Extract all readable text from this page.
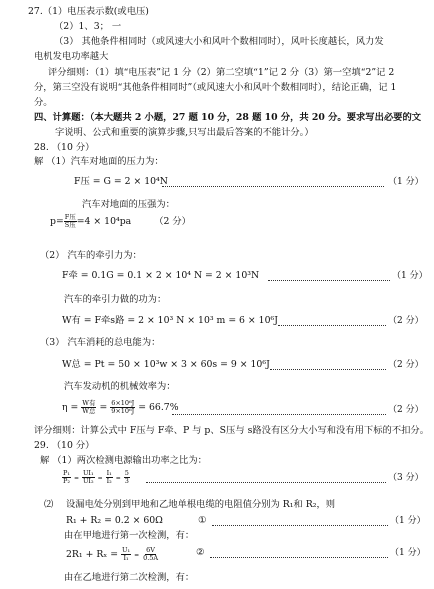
27.（1）电压表示数(或电压)
（2）1、3； 一
（3） 其他条件相同时（或风速大小和风叶个数相同时），风叶长度越长，风力发
电机发电功率越大
评分细则：（1）填“电压表”记 1 分（2）第二空填“1”记 2 分（3）第一空填“2”记 2
分，第三空没有说明“其他条件相同时”（或风速大小和风叶个数相同时），结论正确，记 1
分。
四、计算题：（本大题共 2 小题，27 题 10 分，28 题 10 分，共 20 分。要求写出必要的文
字说明、公式和重要的演算步骤,只写出最后答案的不能计分。）
28. （10 分）
解 （1）汽车对地面的压力为：
F压 = G = 2 × 10⁴N	（1 分）
汽车对地面的压强为：
$p= \frac{\text{F压}}{\text{S压}} =4 \times 10^4pa$ （2 分）
（2） 汽车的牵引力为：
F牵 = 0.1G = 0.1 × 2 × 10⁴ N = 2 × 10³N	（1 分）
汽车的牵引力做的功为：
W有 = F牵s路 = 2 × 10³ N × 10³ m = 6 × 10⁶J	（2 分）
（3） 汽车消耗的总电能为：
W总 = Pt = 50 × 10³w × 3 × 60s = 9 × 10⁶J	（2 分）
汽车发动机的机械效率为：
$\eta = \frac{\text{W有}}{\text{W总}} = \frac{\text{6×10⁶J}}{\text{9×10⁶J}} = 66.7\%$	（2 分）
评分细则：计算公式中 F压与 F牵、P 与 p、S压与 s路没有区分大小写和没有用下标的不扣分。
29. （10 分）
解 （1）两次检测电源输出功率之比为：
$\frac{\text{P₁}}{\text{P₂}} = \frac{\text{UI₁}}{\text{UI₂}} = \frac{\text{I₁}}{\text{I₂}} = \frac{5}{3}$	（3 分）
⑵ 设漏电处分别到甲地和乙地单根电缆的电阻值分别为 R₁和 R₂，则
R₁ + R₂ = 0.2 × 60Ω	①	（1 分）
由在甲地进行第一次检测，有：
$2R_1 + R_x = \frac{\text{U₁}}{\text{I₁}} = \frac{6V}{0.5A}$	②	（1 分）
由在乙地进行第二次检测，有：
